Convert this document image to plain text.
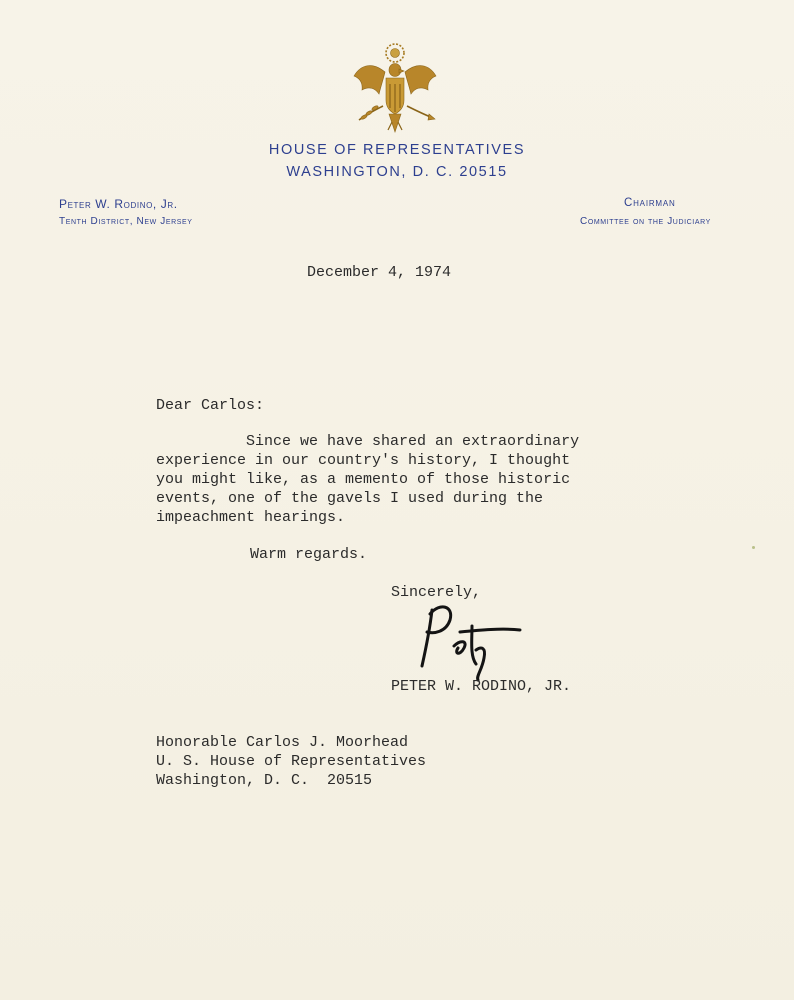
HOUSE OF REPRESENTATIVES
WASHINGTON, D. C. 20515
Peter W. Rodino, Jr.
Tenth District, New Jersey
Chairman
Committee on the Judiciary
December 4, 1974
Dear Carlos:
Since we have shared an extraordinary
experience in our country's history, I thought
you might like, as a memento of those historic
events, one of the gavels I used during the
impeachment hearings.
Warm regards.
Sincerely,
PETER W. RODINO, JR.
Honorable Carlos J. Moorhead
U. S. House of Representatives
Washington, D. C.  20515
